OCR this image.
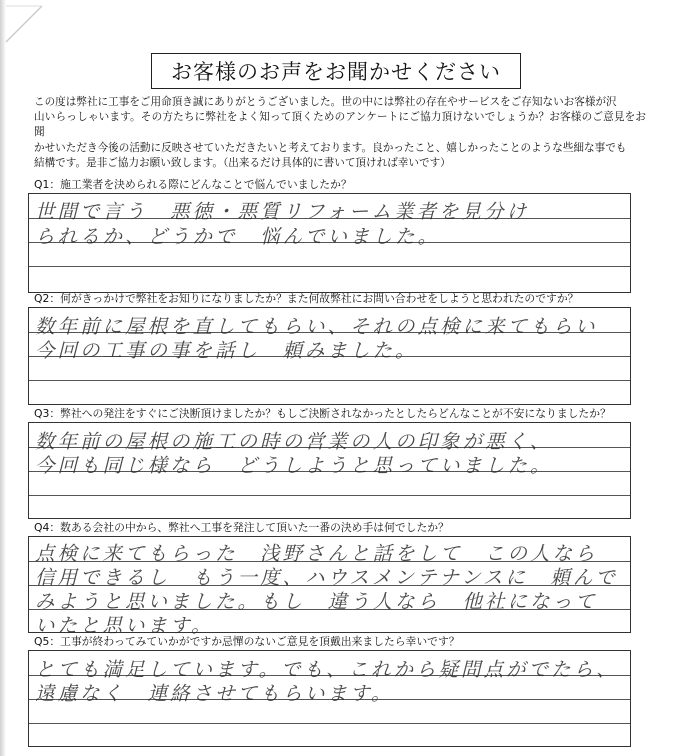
お客様のお声をお聞かせください
この度は弊社に工事をご用命頂き誠にありがとうございました。世の中には弊社の存在やサービスをご存知ないお客様が沢
山いらっしゃいます。その方たちに弊社をよく知って頂くためのアンケートにご協力頂けないでしょうか？お客様のご意見をお聞
かせいただき今後の活動に反映させていただきたいと考えております。良かったこと、嬉しかったことのような些細な事でも
結構です。是非ご協力お願い致します。（出来るだけ具体的に書いて頂ければ幸いです）
Q1：施工業者を決められる際にどんなことで悩んでいましたか？
世間で言う　悪徳・悪質リフォーム業者を見分け
られるか、どうかで　悩んでいました。
Q2：何がきっかけで弊社をお知りになりましたか？また何故弊社にお問い合わせをしようと思われたのですか？
数年前に屋根を直してもらい、それの点検に来てもらい
今回の工事の事を話し　頼みました。
Q3：弊社への発注をすぐにご決断頂けましたか？もしご決断されなかったとしたらどんなことが不安になりましたか？
数年前の屋根の施工の時の営業の人の印象が悪く、
今回も同じ様なら　どうしようと思っていました。
Q4：数ある会社の中から、弊社へ工事を発注して頂いた一番の決め手は何でしたか？
点検に来てもらった　浅野さんと話をして　この人なら
信用できるし　もう一度、ハウスメンテナンスに　頼んで
みようと思いました。もし　違う人なら　他社になって
いたと思います。
Q5：工事が終わってみていかがですか忌憚のないご意見を頂戴出来ましたら幸いです？
とても満足しています。でも、これから疑問点がでたら、
遠慮なく　連絡させてもらいます。
